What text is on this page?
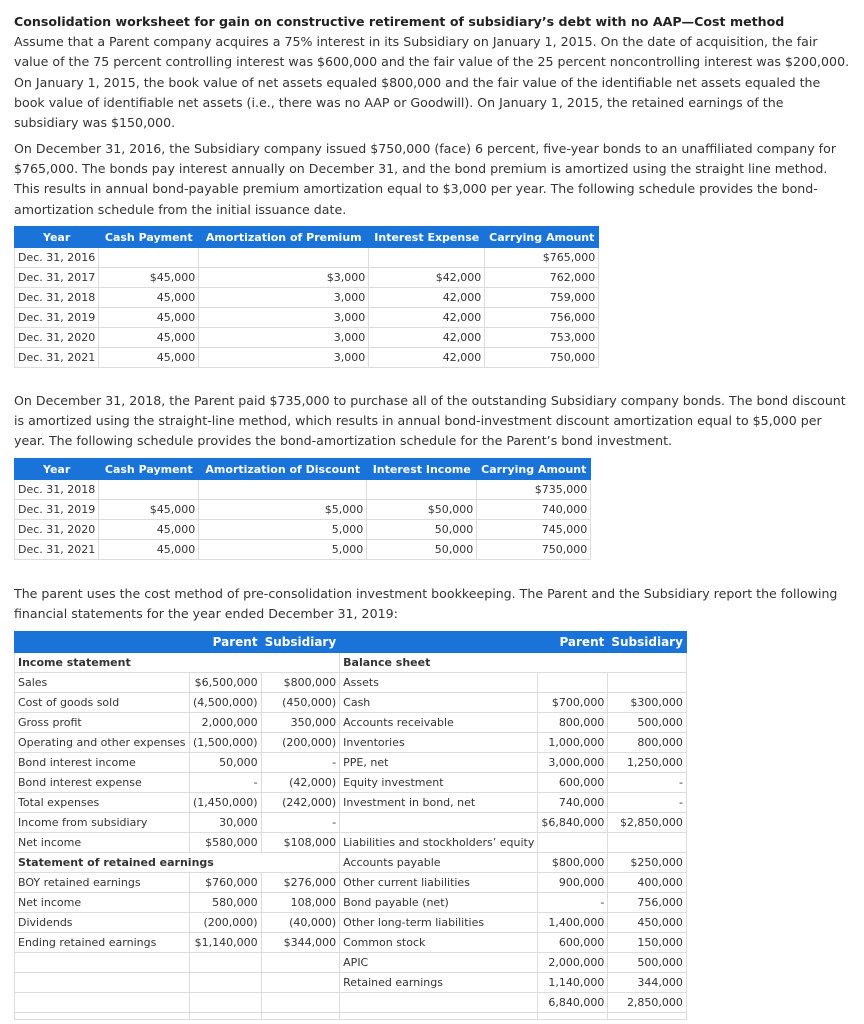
Consolidation worksheet for gain on constructive retirement of subsidiary’s debt with no AAP—Cost method
Assume that a Parent company acquires a 75% interest in its Subsidiary on January 1, 2015. On the date of acquisition, the fair value of the 75 percent controlling interest was $600,000 and the fair value of the 25 percent noncontrolling interest was $200,000. On January 1, 2015, the book value of net assets equaled $800,000 and the fair value of the identifiable net assets equaled the book value of identifiable net assets (i.e., there was no AAP or Goodwill). On January 1, 2015, the retained earnings of the subsidiary was $150,000.

On December 31, 2016, the Subsidiary company issued $750,000 (face) 6 percent, five-year bonds to an unaffiliated company for $765,000. The bonds pay interest annually on December 31, and the bond premium is amortized using the straight line method. This results in annual bond-payable premium amortization equal to $3,000 per year. The following schedule provides the bond-amortization schedule from the initial issuance date.

Year	Cash Payment	Amortization of Premium	Interest Expense	Carrying Amount
Dec. 31, 2016				$765,000
Dec. 31, 2017	$45,000	$3,000	$42,000	762,000
Dec. 31, 2018	45,000	3,000	42,000	759,000
Dec. 31, 2019	45,000	3,000	42,000	756,000
Dec. 31, 2020	45,000	3,000	42,000	753,000
Dec. 31, 2021	45,000	3,000	42,000	750,000

On December 31, 2018, the Parent paid $735,000 to purchase all of the outstanding Subsidiary company bonds. The bond discount is amortized using the straight-line method, which results in annual bond-investment discount amortization equal to $5,000 per year. The following schedule provides the bond-amortization schedule for the Parent’s bond investment.

Year	Cash Payment	Amortization of Discount	Interest Income	Carrying Amount
Dec. 31, 2018				$735,000
Dec. 31, 2019	$45,000	$5,000	$50,000	740,000
Dec. 31, 2020	45,000	5,000	50,000	745,000
Dec. 31, 2021	45,000	5,000	50,000	750,000

The parent uses the cost method of pre-consolidation investment bookkeeping. The Parent and the Subsidiary report the following financial statements for the year ended December 31, 2019:

	Parent	Subsidiary		Parent	Subsidiary
Income statement			Balance sheet		
Sales	$6,500,000	$800,000	Assets		
Cost of goods sold	(4,500,000)	(450,000)	Cash	$700,000	$300,000
Gross profit	2,000,000	350,000	Accounts receivable	800,000	500,000
Operating and other expenses	(1,500,000)	(200,000)	Inventories	1,000,000	800,000
Bond interest income	50,000	-	PPE, net	3,000,000	1,250,000
Bond interest expense	-	(42,000)	Equity investment	600,000	-
Total expenses	(1,450,000)	(242,000)	Investment in bond, net	740,000	-
Income from subsidiary	30,000	-		$6,840,000	$2,850,000
Net income	$580,000	$108,000	Liabilities and stockholders’ equity		
Statement of retained earnings			Accounts payable	$800,000	$250,000
BOY retained earnings	$760,000	$276,000	Other current liabilities	900,000	400,000
Net income	580,000	108,000	Bond payable (net)	-	756,000
Dividends	(200,000)	(40,000)	Other long-term liabilities	1,400,000	450,000
Ending retained earnings	$1,140,000	$344,000	Common stock	600,000	150,000
			APIC	2,000,000	500,000
			Retained earnings	1,140,000	344,000
				6,840,000	2,850,000
